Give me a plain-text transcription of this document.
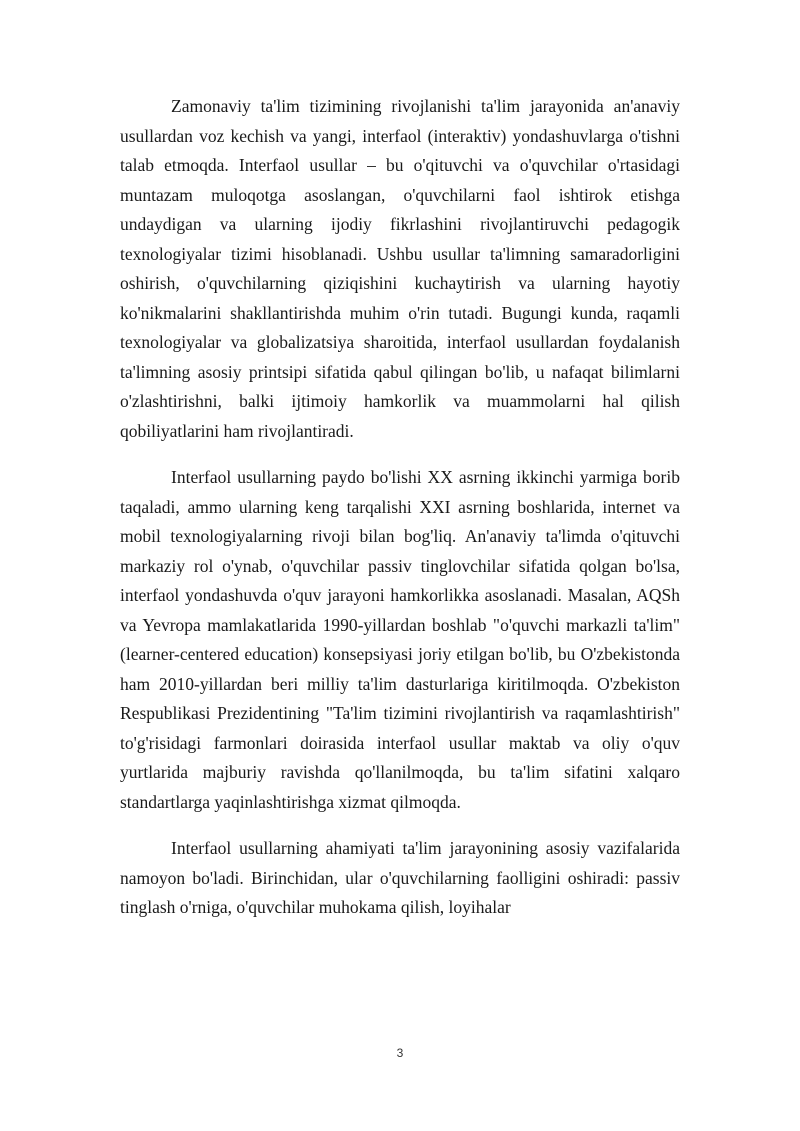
Zamonaviy ta'lim tizimining rivojlanishi ta'lim jarayonida an'anaviy usullardan voz kechish va yangi, interfaol (interaktiv) yondashuvlarga o'tishni talab etmoqda. Interfaol usullar – bu o'qituvchi va o'quvchilar o'rtasidagi muntazam muloqotga asoslangan, o'quvchilarni faol ishtirok etishga undaydigan va ularning ijodiy fikrlashini rivojlantiruvchi pedagogik texnologiyalar tizimi hisoblanadi. Ushbu usullar ta'limning samaradorligini oshirish, o'quvchilarning qiziqishini kuchaytirish va ularning hayotiy ko'nikmalarini shakllantirishda muhim o'rin tutadi. Bugungi kunda, raqamli texnologiyalar va globalizatsiya sharoitida, interfaol usullardan foydalanish ta'limning asosiy printsipi sifatida qabul qilingan bo'lib, u nafaqat bilimlarni o'zlashtirishni, balki ijtimoiy hamkorlik va muammolarni hal qilish qobiliyatlarini ham rivojlantiradi.

Interfaol usullarning paydo bo'lishi XX asrning ikkinchi yarmiga borib taqaladi, ammo ularning keng tarqalishi XXI asrning boshlarida, internet va mobil texnologiyalarning rivoji bilan bog'liq. An'anaviy ta'limda o'qituvchi markaziy rol o'ynab, o'quvchilar passiv tinglovchilar sifatida qolgan bo'lsa, interfaol yondashuvda o'quv jarayoni hamkorlikka asoslanadi. Masalan, AQSh va Yevropa mamlakatlarida 1990-yillardan boshlab "o'quvchi markazli ta'lim" (learner-centered education) konsepsiyasi joriy etilgan bo'lib, bu O'zbekistonda ham 2010-yillardan beri milliy ta'lim dasturlariga kiritilmoqda. O'zbekiston Respublikasi Prezidentining "Ta'lim tizimini rivojlantirish va raqamlashtirish" to'g'risidagi farmonlari doirasida interfaol usullar maktab va oliy o'quv yurtlarida majburiy ravishda qo'llanilmoqda, bu ta'lim sifatini xalqaro standartlarga yaqinlashtirishga xizmat qilmoqda.

Interfaol usullarning ahamiyati ta'lim jarayonining asosiy vazifalarida namoyon bo'ladi. Birinchidan, ular o'quvchilarning faolligini oshiradi: passiv tinglash o'rniga, o'quvchilar muhokama qilish, loyihalar

3
